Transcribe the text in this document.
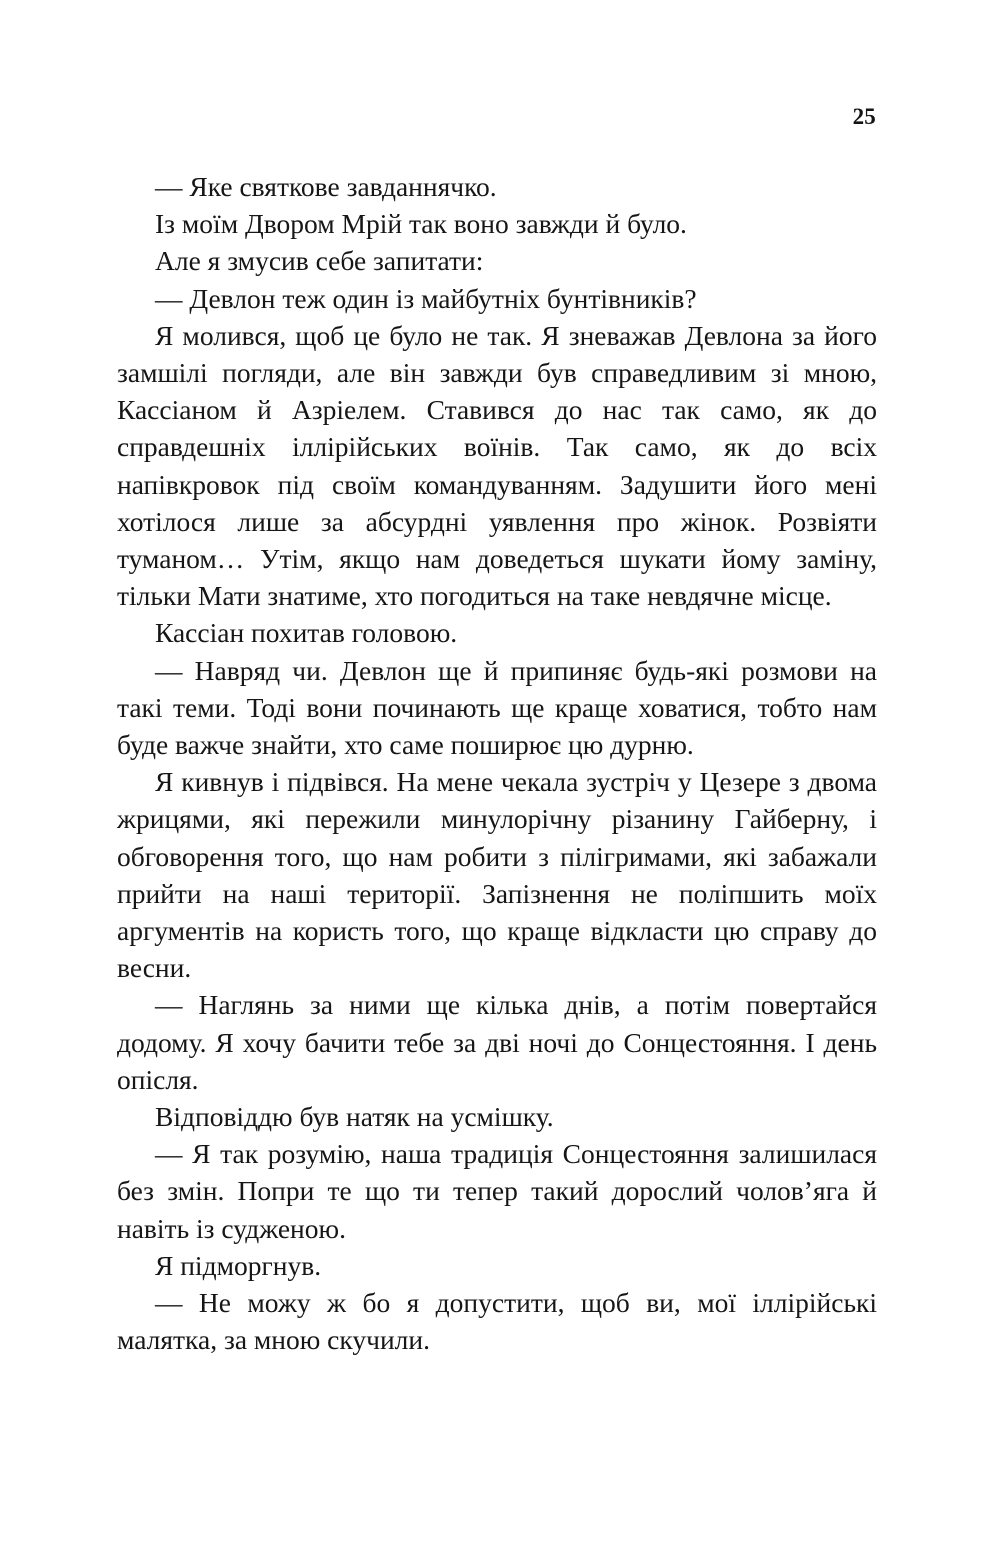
25

— Яке святкове завданнячко.

Із моїм Двором Мрій так воно завжди й було.

Але я змусив себе запитати:

— Девлон теж один із майбутніх бунтівників?

Я молився, щоб це було не так. Я зневажав Девлона за його замшілі погляди, але він завжди був справедливим зі мною, Кассіаном й Азріелем. Ставився до нас так само, як до справдешніх іллірійських воїнів. Так само, як до всіх напівкровок під своїм командуванням. Задушити його мені хотілося лише за абсурдні уявлення про жінок. Розвіяти туманом… Утім, якщо нам доведеться шукати йому заміну, тільки Мати знатиме, хто погодиться на таке невдячне місце.

Кассіан похитав головою.

— Навряд чи. Девлон ще й припиняє будь-які розмови на такі теми. Тоді вони починають ще краще ховатися, тобто нам буде важче знайти, хто саме поширює цю дурню.

Я кивнув і підвівся. На мене чекала зустріч у Цезере з двома жрицями, які пережили минулорічну різанину Гайберну, і обговорення того, що нам робити з пілігримами, які забажали прийти на наші території. Запізнення не поліпшить моїх аргументів на користь того, що краще відкласти цю справу до весни.

— Наглянь за ними ще кілька днів, а потім повертайся додому. Я хочу бачити тебе за дві ночі до Сонцестояння. І день опісля.

Відповіддю був натяк на усмішку.

— Я так розумію, наша традиція Сонцестояння залишилася без змін. Попри те що ти тепер такий дорослий чолов’яга й навіть із судженою.

Я підморгнув.

— Не можу ж бо я допустити, щоб ви, мої іллірійські малятка, за мною скучили.
